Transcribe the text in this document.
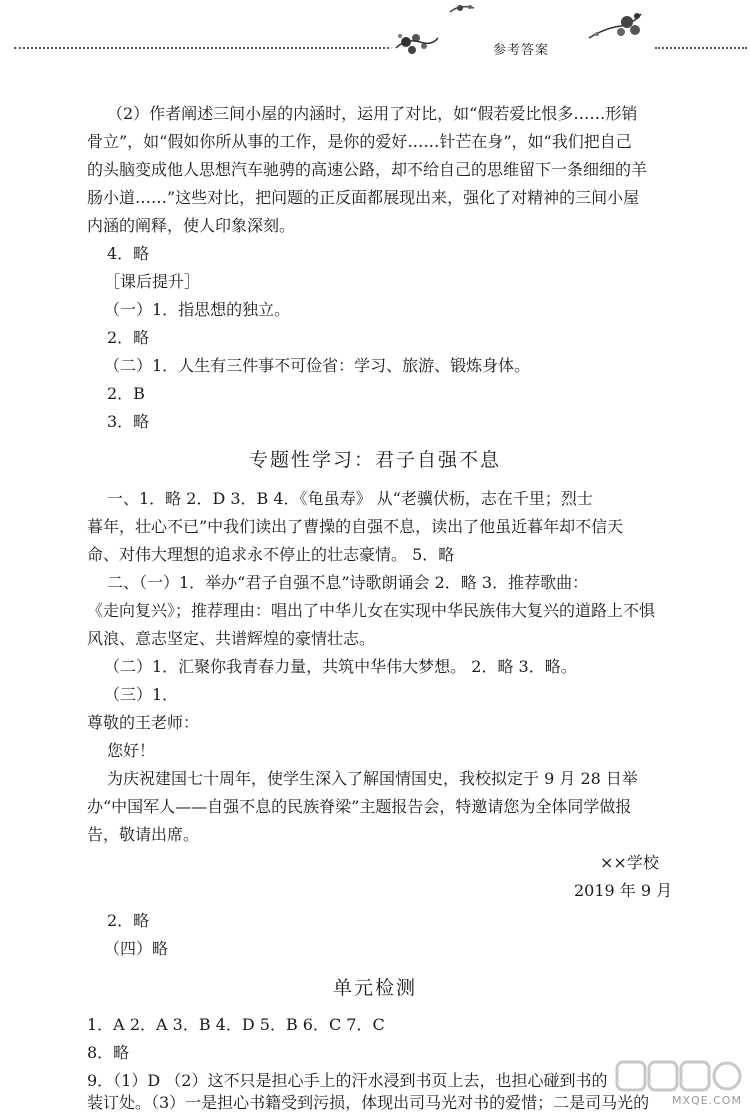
参考答案
（2）作者阐述三间小屋的内涵时，运用了对比，如“假若爱比恨多……形销
骨立”，如“假如你所从事的工作，是你的爱好……针芒在身”，如“我们把自己
的头脑变成他人思想汽车驰骋的高速公路，却不给自己的思维留下一条细细的羊
肠小道……”这些对比，把问题的正反面都展现出来，强化了对精神的三间小屋
内涵的阐释，使人印象深刻。
4．略
［课后提升］
（一）1．指思想的独立。
2．略
（二）1．人生有三件事不可俭省：学习、旅游、锻炼身体。
2．B
3．略
专题性学习：君子自强不息
一、1．略 2．D 3．B 4．《龟虽寿》 从“老骥伏枥，志在千里；烈士
暮年，壮心不已”中我们读出了曹操的自强不息，读出了他虽近暮年却不信天
命、对伟大理想的追求永不停止的壮志豪情。 5．略
二、（一）1．举办“君子自强不息”诗歌朗诵会 2．略 3．推荐歌曲：
《走向复兴》；推荐理由：唱出了中华儿女在实现中华民族伟大复兴的道路上不惧
风浪、意志坚定、共谱辉煌的豪情壮志。
（二）1．汇聚你我青春力量，共筑中华伟大梦想。 2．略 3．略。
（三）1．
尊敬的王老师：
您好！
为庆祝建国七十周年，使学生深入了解国情国史，我校拟定于 9 月 28 日举
办“中国军人——自强不息的民族脊梁”主题报告会，特邀请您为全体同学做报
告，敬请出席。
××学校
2019 年 9 月
2．略
（四）略
单元检测
1．A 2．A 3．B 4．D 5．B 6．C 7．C
8．略
9．（1）D （2）这不只是担心手上的汗水浸到书页上去，也担心碰到书的
装订处。（3）一是担心书籍受到污损，体现出司马光对书的爱惜；二是司马光的 MXQE.COM
